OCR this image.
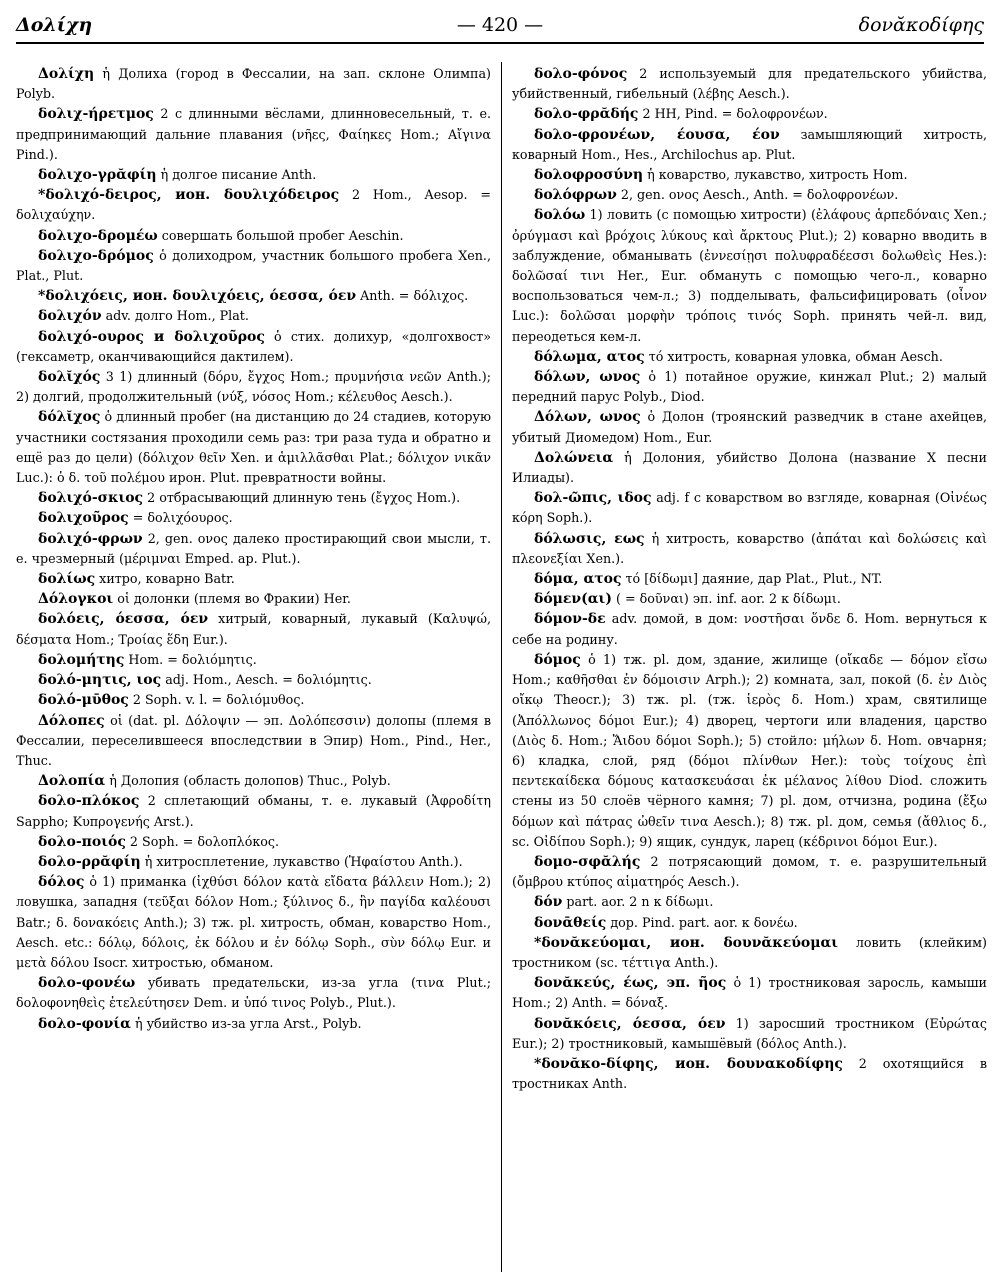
Δολίχη	— 420 —	δονᾰκοδίφης

Δολίχη ἡ Долиха (город в Фессалии, на зап. склоне Олимпа) Polyb.

δολιχ-ήρετμος 2 с длинными вёслами, длинновесельный, т. е. предпринимающий дальние плавания (νῆες, Φαίηκες Hom.; Αἴγινα Pind.).

δολιχο-γρᾰφίη ἡ долгое писание Anth.

*δολιχό-δειρος, ион. δουλιχόδειρος 2 Hom., Aesop. = δολιχαύχην.

δολιχο-δρομέω совершать большой пробег Aeschin.

δολιχο-δρόμος ὁ долиходром, участник большого пробега Xen., Plat., Plut.

*δολιχόεις, ион. δουλιχόεις, όεσσα, όεν Anth. = δόλιχος.

δολιχόν adv. долго Hom., Plat.

δολιχό-ουρος и δολιχοῦρος ὁ стих. долихур, «долгохвост» (гексаметр, оканчивающийся дактилем).

δολῐχός 3 1) длинный (δόρυ, ἔγχος Hom.; πρυμνήσια νεῶν Anth.); 2) долгий, продолжительный (νύξ, νόσος Hom.; κέλευθος Aesch.).

δόλῐχος ὁ длинный пробег (на дистанцию до 24 стадиев, которую участники состязания проходили семь раз: три раза туда и обратно и ещё раз до цели) (δόλιχον θεῖν Xen. и ἁμιλλᾶσθαι Plat.; δόλιχον νικᾶν Luc.): ὁ δ. τοῦ πολέμου ирон. Plut. превратности войны.

δολιχό-σκιος 2 отбрасывающий длинную тень (ἔγχος Hom.).

δολιχοῦρος = δολιχόουρος.

δολιχό-φρων 2, gen. ονος далеко простирающий свои мысли, т. е. чрезмерный (μέριμναι Emped. ap. Plut.).

δολίως хитро, коварно Batr.

Δόλογκοι οἱ долонки (племя во Фракии) Her.

δολόεις, όεσσα, όεν хитрый, коварный, лукавый (Καλυψώ, δέσματα Hom.; Τροίας ἕδη Eur.).

δολομήτης Hom. = δολιόμητις.

δολό-μητις, ιος adj. Hom., Aesch. = δολιόμητις.

δολό-μῡθος 2 Soph. v. l. = δολιόμυθος.

Δόλοπες οἱ (dat. pl. Δόλοψιν — эп. Δολόπεσσιν) долопы (племя в Фессалии, переселившееся впоследствии в Эпир) Hom., Pind., Her., Thuc.

Δολοπία ἡ Долопия (область долопов) Thuc., Polyb.

δολο-πλόκος 2 сплетающий обманы, т. е. лукавый (Ἀφροδίτη Sappho; Κυπρογενής Arst.).

δολο-ποιός 2 Soph. = δολοπλόκος.

δολο-ρρᾰφίη ἡ хитросплетение, лукавство (Ἡφαίστου Anth.).

δόλος ὁ 1) приманка (ἰχθύσι δόλον κατὰ εἴδατα βάλλειν Hom.); 2) ловушка, западня (τεῦξαι δόλον Hom.; ξύλινος δ., ἣν παγίδα καλέουσι Batr.; δ. δονακόεις Anth.); 3) тж. pl. хитрость, обман, коварство Hom., Aesch. etc.: δόλῳ, δόλοις, ἐκ δόλου и ἐν δόλῳ Soph., σὺν δόλῳ Eur. и μετὰ δόλου Isocr. хитростью, обманом.

δολο-φονέω убивать предательски, из-за угла (τινα Plut.; δολοφονηθεὶς ἐτελεύτησεν Dem. и ὑπό τινος Polyb., Plut.).

δολο-φονία ἡ убийство из-за угла Arst., Polyb.

δολο-φόνος 2 используемый для предательского убийства, убийственный, гибельный (λέβης Aesch.).

δολο-φρᾰδής 2 HH, Pind. = δολοφρονέων.

δολο-φρονέων, έουσα, έον замышляющий хитрость, коварный Hom., Hes., Archilochus ap. Plut.

δολοφροσύνη ἡ коварство, лукавство, хитрость Hom.

δολόφρων 2, gen. ονος Aesch., Anth. = δολοφρονέων.

δολόω 1) ловить (с помощью хитрости) (ἐλάφους ἁρπεδόναις Xen.; ὀρύγμασι καὶ βρόχοις λύκους καὶ ἄρκτους Plut.); 2) коварно вводить в заблуждение, обманывать (ἐννεσίῃσι πολυφραδέεσσι δολωθεὶς Hes.): δολῶσαί τινι Her., Eur. обмануть с помощью чего-л., коварно воспользоваться чем-л.; 3) подделывать, фальсифицировать (οἶνον Luc.): δολῶσαι μορφὴν τρόποις τινός Soph. принять чей-л. вид, переодеться кем-л.

δόλωμα, ατος τό хитрость, коварная уловка, обман Aesch.

δόλων, ωνος ὁ 1) потайное оружие, кинжал Plut.; 2) малый передний парус Polyb., Diod.

Δόλων, ωνος ὁ Долон (троянский разведчик в стане ахейцев, убитый Диомедом) Hom., Eur.

Δολώνεια ἡ Долония, убийство Долона (название X песни Илиады).

δολ-ῶπις, ιδος adj. f с коварством во взгляде, коварная (Οἰνέως κόρη Soph.).

δόλωσις, εως ἡ хитрость, коварство (ἀπάται καὶ δολώσεις καὶ πλεονεξίαι Xen.).

δόμα, ατος τό [δίδωμι] даяние, дар Plat., Plut., NT.

δόμεν(αι) ( = δοῦναι) эп. inf. aor. 2 к δίδωμι.

δόμον-δε adv. домой, в дом: νοστῆσαι ὅνδε δ. Hom. вернуться к себе на родину.

δόμος ὁ 1) тж. pl. дом, здание, жилище (οἴκαδε — δόμον εἴσω Hom.; καθῆσθαι ἐν δόμοισιν Arph.); 2) комната, зал, покой (δ. ἐν Διὸς οἴκῳ Theocr.); 3) тж. pl. (тж. ἱερὸς δ. Hom.) храм, святилище (Ἀπόλλωνος δόμοι Eur.); 4) дворец, чертоги или владения, царство (Διὸς δ. Hom.; Ἅιδου δόμοι Soph.); 5) стойло: μήλων δ. Hom. овчарня; 6) кладка, слой, ряд (δόμοι πλίνθων Her.): τοὺς τοίχους ἐπὶ πεντεκαίδεκα δόμους κατασκευάσαι ἐκ μέλανος λίθου Diod. сложить стены из 50 слоёв чёрного камня; 7) pl. дом, отчизна, родина (ἔξω δόμων καὶ πάτρας ὠθεῖν τινα Aesch.); 8) тж. pl. дом, семья (ἄθλιος δ., sc. Οἰδίπου Soph.); 9) ящик, сундук, ларец (κέδρινοι δόμοι Eur.).

δομο-σφᾰλής 2 потрясающий домом, т. е. разрушительный (ὄμβρου κτύπος αἱματηρός Aesch.).

δόν part. aor. 2 n к δίδωμι.

δονᾱθείς дор. Pind. part. aor. к δονέω.

*δονᾰκεύομαι, ион. δουνᾰκεύομαι ловить (клейким) тростником (sc. τέττιγα Anth.).

δονᾰκεύς, έως, эп. ῆος ὁ 1) тростниковая заросль, камыши Hom.; 2) Anth. = δόναξ.

δονᾰκόεις, όεσσα, όεν 1) заросший тростником (Εὐρώτας Eur.); 2) тростниковый, камышёвый (δόλος Anth.).

*δονᾰκο-δίφης, ион. δουνακοδίφης 2 охотящийся в тростниках Anth.
